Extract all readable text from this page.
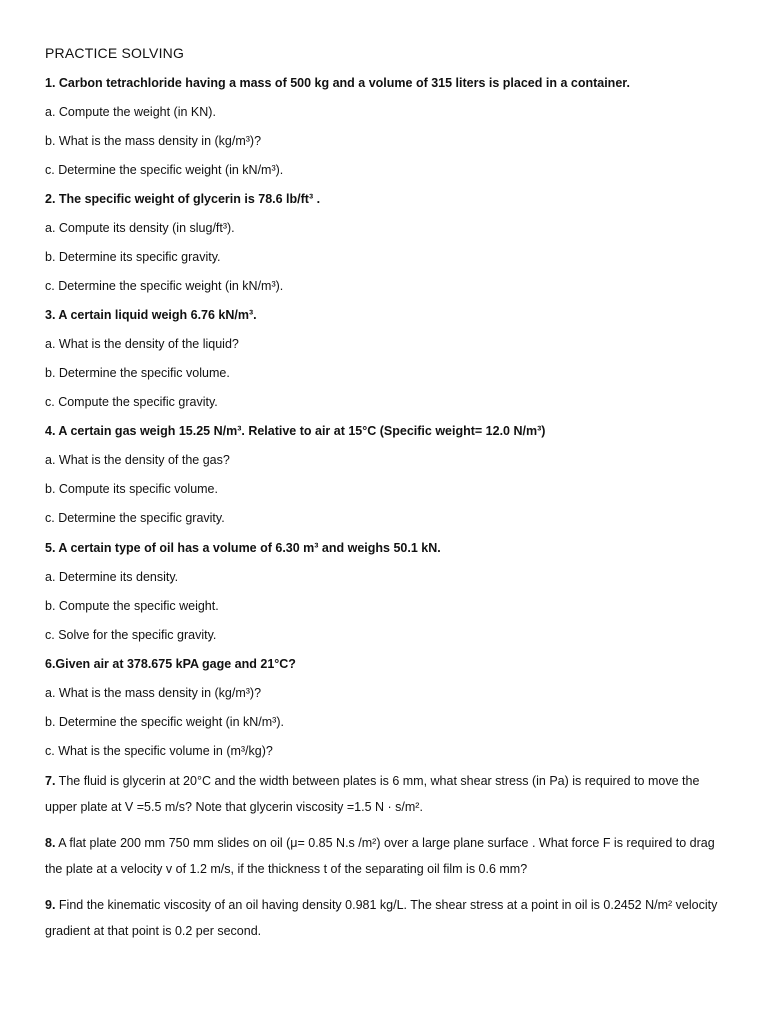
PRACTICE SOLVING
1. Carbon tetrachloride having a mass of 500 kg and a volume of 315 liters is placed in a container.
a. Compute the weight (in KN).
b. What is the mass density in (kg/m³)?
c. Determine the specific weight (in kN/m³).
2. The specific weight of glycerin is 78.6 lb/ft³ .
a. Compute its density (in slug/ft³).
b. Determine its specific gravity.
c. Determine the specific weight (in kN/m³).
3. A certain liquid weigh 6.76 kN/m³.
a. What is the density of the liquid?
b. Determine the specific volume.
c. Compute the specific gravity.
4. A certain gas weigh 15.25 N/m³. Relative to air at 15°C (Specific weight= 12.0 N/m³)
a. What is the density of the gas?
b. Compute its specific volume.
c. Determine the specific gravity.
5. A certain type of oil has a volume of 6.30 m³ and weighs 50.1 kN.
a. Determine its density.
b. Compute the specific weight.
c. Solve for the specific gravity.
6.Given air at 378.675 kPA gage and 21°C?
a. What is the mass density in (kg/m³)?
b. Determine the specific weight (in kN/m³).
c. What is the specific volume in (m³/kg)?
7. The fluid is glycerin at 20°C and the width between plates is 6 mm, what shear stress (in Pa) is required to move the upper plate at V =5.5 m/s? Note that glycerin viscosity =1.5 N · s/m².
8. A flat plate 200 mm 750 mm slides on oil (μ= 0.85 N.s /m²) over a large plane surface . What force F is required to drag the plate at a velocity v of 1.2 m/s, if the thickness t of the separating oil film is 0.6 mm?
9. Find the kinematic viscosity of an oil having density 0.981 kg/L. The shear stress at a point in oil is 0.2452 N/m² velocity gradient at that point is 0.2 per second.
